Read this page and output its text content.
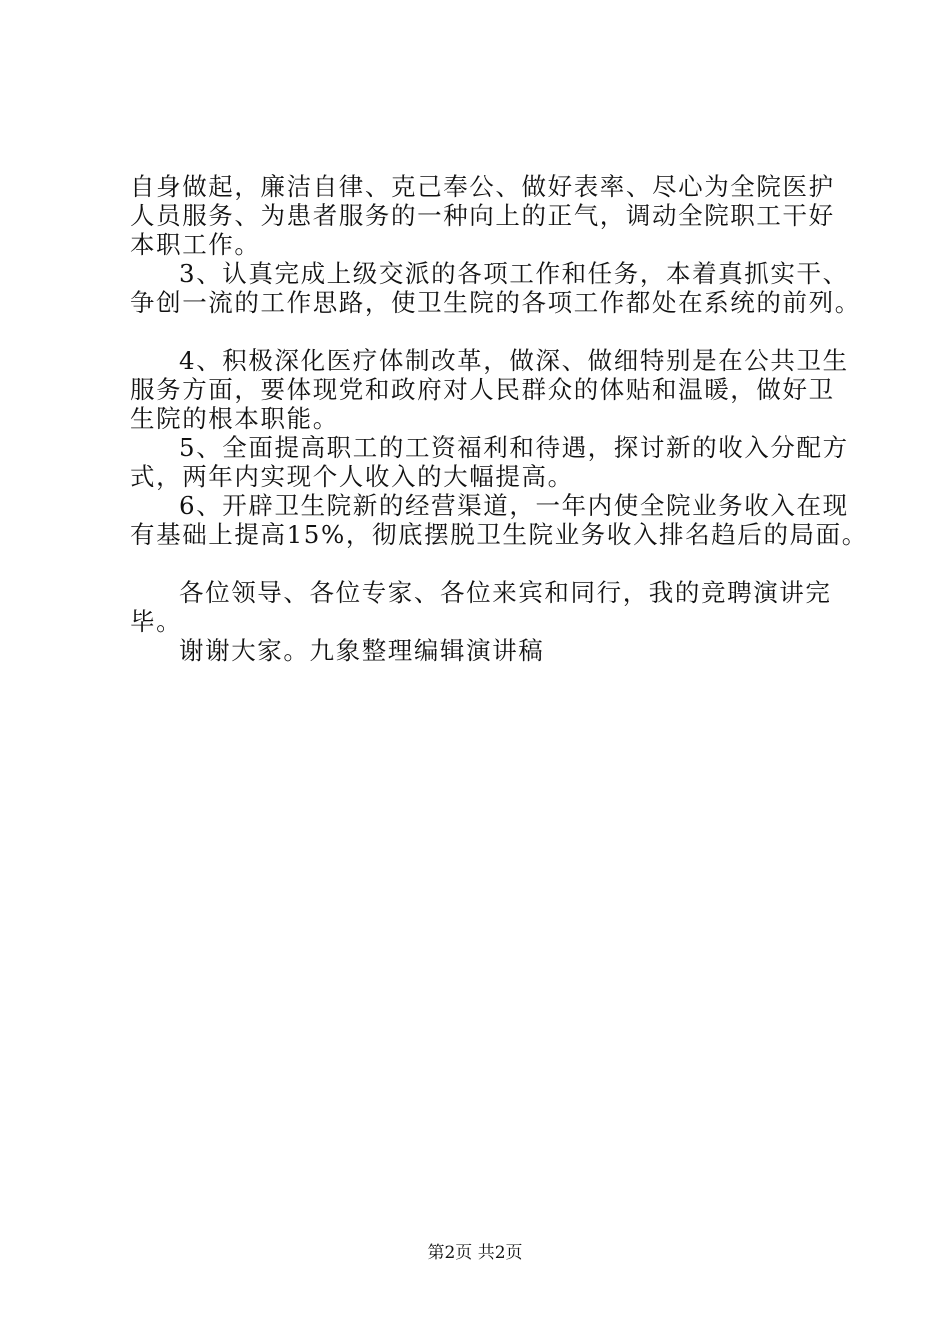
自身做起，廉洁自律、克己奉公、做好表率、尽心为全院医护
人员服务、为患者服务的一种向上的正气，调动全院职工干好
本职工作。
3、认真完成上级交派的各项工作和任务，本着真抓实干、
争创一流的工作思路，使卫生院的各项工作都处在系统的前列。
4、积极深化医疗体制改革，做深、做细特别是在公共卫生
服务方面，要体现党和政府对人民群众的体贴和温暖，做好卫
生院的根本职能。
5、全面提高职工的工资福利和待遇，探讨新的收入分配方
式，两年内实现个人收入的大幅提高。
6、开辟卫生院新的经营渠道，一年内使全院业务收入在现
有基础上提高15%，彻底摆脱卫生院业务收入排名趋后的局面。
各位领导、各位专家、各位来宾和同行，我的竞聘演讲完
毕。
谢谢大家。九象整理编辑演讲稿
第2页 共2页
